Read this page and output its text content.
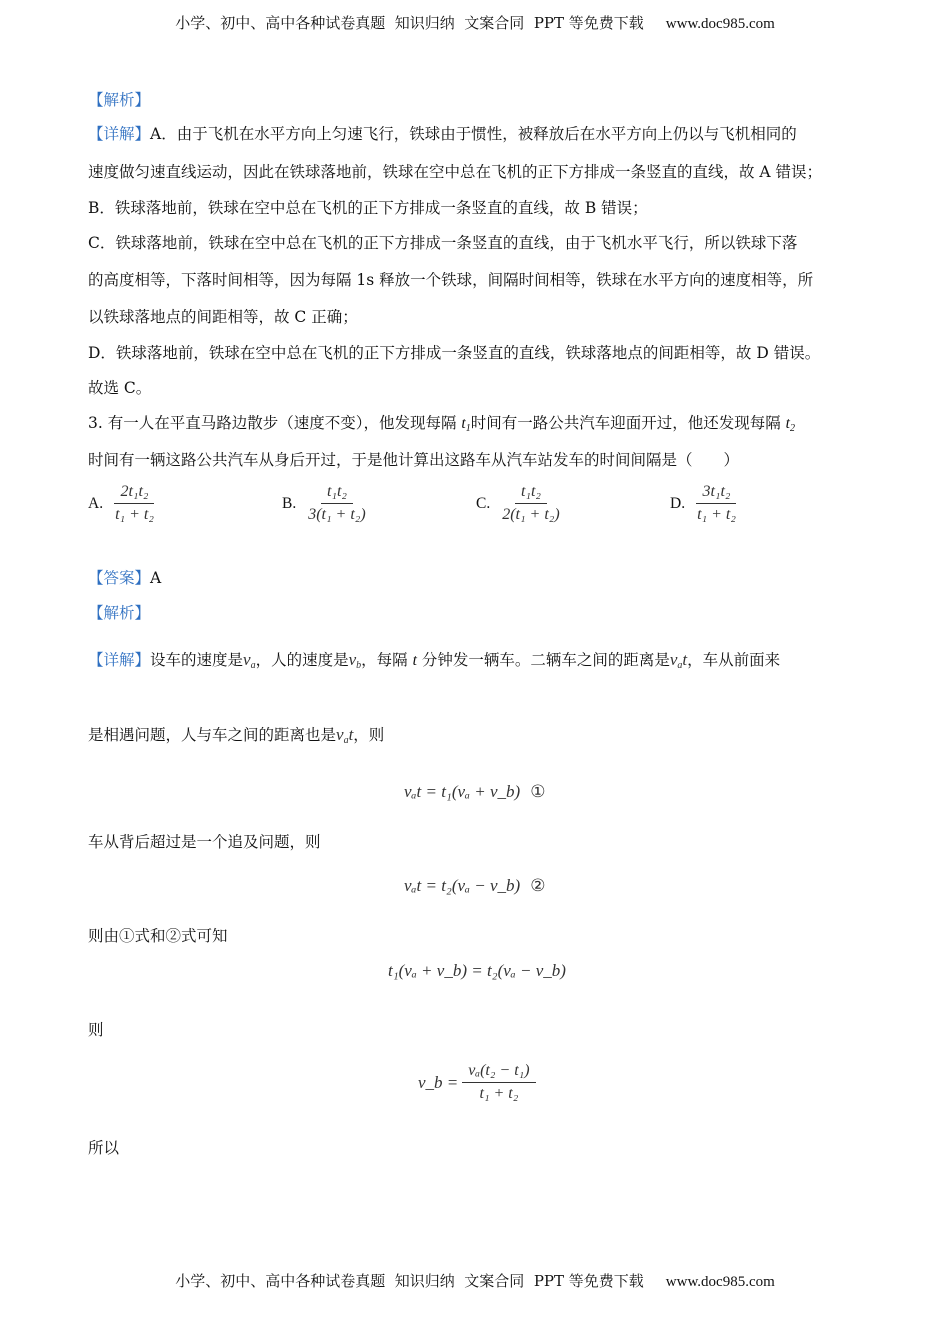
小学、初中、高中各种试卷真题  知识归纳  文案合同  PPT 等免费下载 www.doc985.com
【解析】
【详解】A．由于飞机在水平方向上匀速飞行，铁球由于惯性，被释放后在水平方向上仍以与飞机相同的
速度做匀速直线运动，因此在铁球落地前，铁球在空中总在飞机的正下方排成一条竖直的直线，故 A 错误；
B．铁球落地前，铁球在空中总在飞机的正下方排成一条竖直的直线，故 B 错误；
C．铁球落地前，铁球在空中总在飞机的正下方排成一条竖直的直线，由于飞机水平飞行，所以铁球下落
的高度相等，下落时间相等，因为每隔 1s 释放一个铁球，间隔时间相等，铁球在水平方向的速度相等，所
以铁球落地点的间距相等，故 C 正确；
D．铁球落地前，铁球在空中总在飞机的正下方排成一条竖直的直线，铁球落地点的间距相等，故 D 错误。
故选 C。
3. 有一人在平直马路边散步（速度不变），他发现每隔 $t_1$时间有一路公共汽车迎面开过，他还发现每隔 $t_2$
时间有一辆这路公共汽车从身后开过，于是他计算出这路车从汽车站发车的时间间隔是（　　）
A. $\frac{\text{2t₁t₂}}{\text{t₁ + t₂}}$	B. $\frac{\text{t₁t₂}}{\text{3(t₁ + t₂)}}$	C. $\frac{\text{t₁t₂}}{\text{2(t₁ + t₂)}}$	D. $\frac{\text{3t₁t₂}}{\text{t₁ + t₂}}$
【答案】A
【解析】
【详解】设车的速度是$v_a$，人的速度是$v_b$，每隔 t 分钟发一辆车。二辆车之间的距离是$v_at$，车从前面来
是相遇问题，人与车之间的距离也是$v_at$，则
vₐt = t₁(vₐ + v_b) ①
车从背后超过是一个追及问题，则
vₐt = t₂(vₐ − v_b) ②
则由①式和②式可知
t₁(vₐ + v_b) = t₂(vₐ − v_b)
则
v_b = $\frac{\text{vₐ(t₂ − t₁)}}{\text{t₁ + t₂}}$
所以
小学、初中、高中各种试卷真题  知识归纳  文案合同  PPT 等免费下载 www.doc985.com
